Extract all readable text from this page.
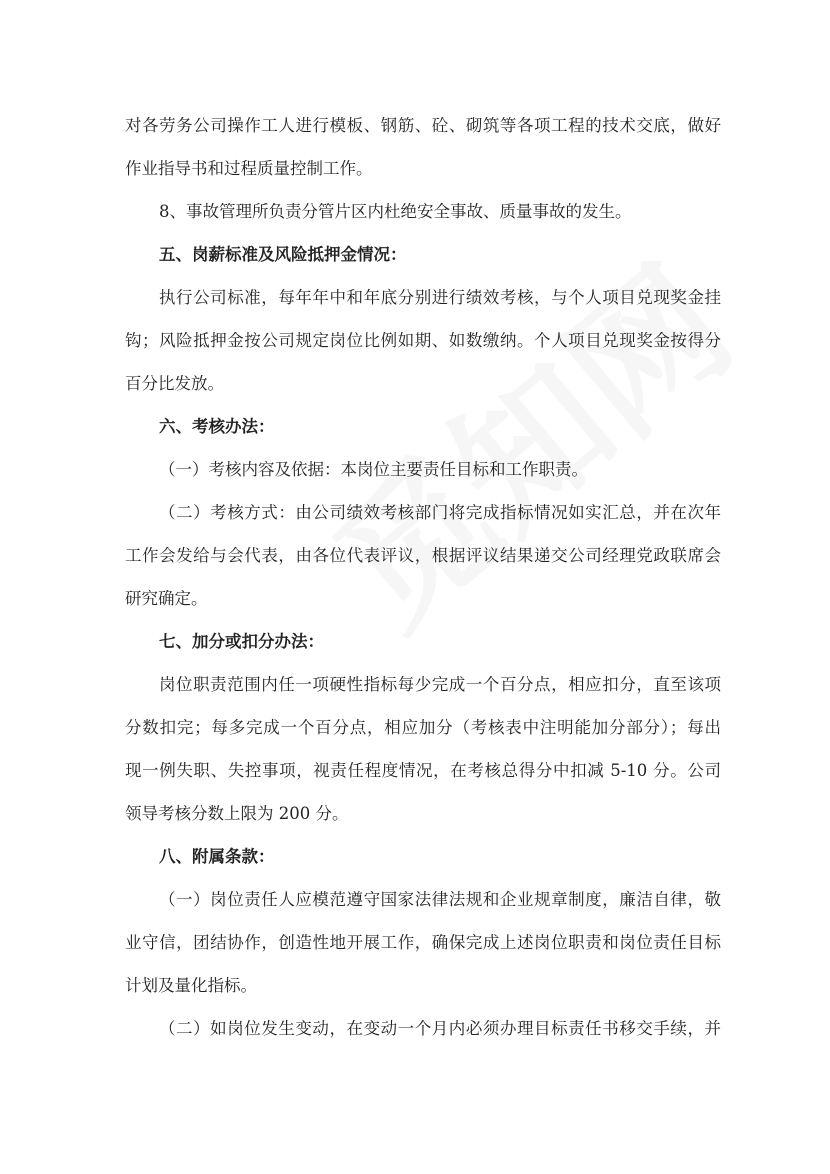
对各劳务公司操作工人进行模板、钢筋、砼、砌筑等各项工程的技术交底，做好
作业指导书和过程质量控制工作。
8、事故管理所负责分管片区内杜绝安全事故、质量事故的发生。
五、岗薪标准及风险抵押金情况：
执行公司标准，每年年中和年底分别进行绩效考核，与个人项目兑现奖金挂
钩；风险抵押金按公司规定岗位比例如期、如数缴纳。个人项目兑现奖金按得分
百分比发放。
六、考核办法：
（一）考核内容及依据：本岗位主要责任目标和工作职责。
（二）考核方式：由公司绩效考核部门将完成指标情况如实汇总，并在次年
工作会发给与会代表，由各位代表评议，根据评议结果递交公司经理党政联席会
研究确定。
七、加分或扣分办法：
岗位职责范围内任一项硬性指标每少完成一个百分点，相应扣分，直至该项
分数扣完；每多完成一个百分点，相应加分（考核表中注明能加分部分）；每出
现一例失职、失控事项，视责任程度情况，在考核总得分中扣减 5-10 分。公司
领导考核分数上限为 200 分。
八、附属条款：
（一）岗位责任人应模范遵守国家法律法规和企业规章制度，廉洁自律，敬
业守信，团结协作，创造性地开展工作，确保完成上述岗位职责和岗位责任目标
计划及量化指标。
（二）如岗位发生变动，在变动一个月内必须办理目标责任书移交手续，并
